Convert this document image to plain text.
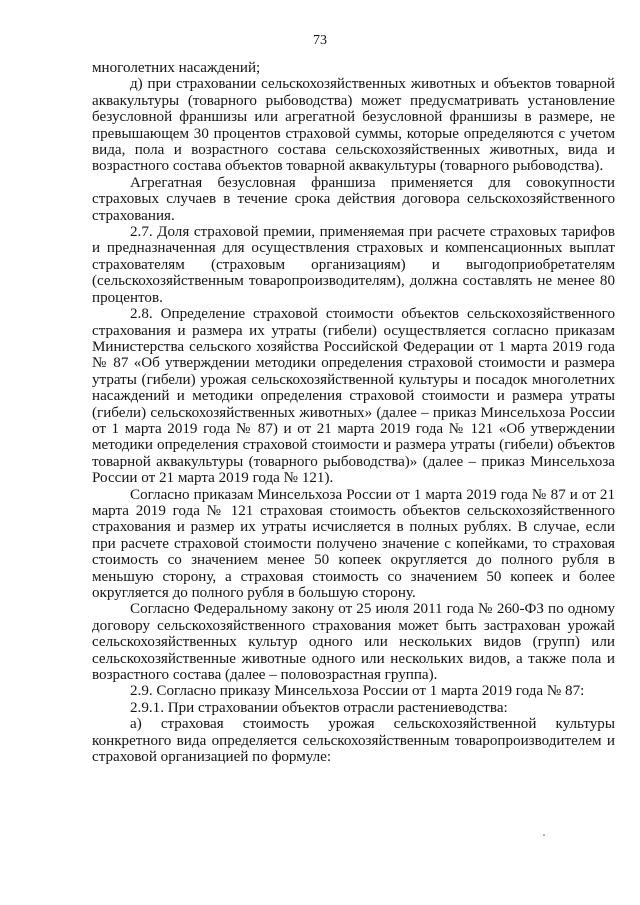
73

многолетних насаждений;

д) при страховании сельскохозяйственных животных и объектов товарной аквакультуры (товарного рыбоводства) может предусматривать установление безусловной франшизы или агрегатной безусловной франшизы в размере, не превышающем 30 процентов страховой суммы, которые определяются с учетом вида, пола и возрастного состава сельскохозяйственных животных, вида и возрастного состава объектов товарной аквакультуры (товарного рыбоводства).

Агрегатная безусловная франшиза применяется для совокупности страховых случаев в течение срока действия договора сельскохозяйственного страхования.

2.7. Доля страховой премии, применяемая при расчете страховых тарифов и предназначенная для осуществления страховых и компенсационных выплат страхователям (страховым организациям) и выгодоприобретателям (сельскохозяйственным товаропроизводителям), должна составлять не менее 80 процентов.

2.8. Определение страховой стоимости объектов сельскохозяйственного страхования и размера их утраты (гибели) осуществляется согласно приказам Министерства сельского хозяйства Российской Федерации от 1 марта 2019 года № 87 «Об утверждении методики определения страховой стоимости и размера утраты (гибели) урожая сельскохозяйственной культуры и посадок многолетних насаждений и методики определения страховой стоимости и размера утраты (гибели) сельскохозяйственных животных» (далее – приказ Минсельхоза России от 1 марта 2019 года № 87) и от 21 марта 2019 года № 121 «Об утверждении методики определения страховой стоимости и размера утраты (гибели) объектов товарной аквакультуры (товарного рыбоводства)» (далее – приказ Минсельхоза России от 21 марта 2019 года № 121).

Согласно приказам Минсельхоза России от 1 марта 2019 года № 87 и от 21 марта 2019 года № 121 страховая стоимость объектов сельскохозяйственного страхования и размер их утраты исчисляется в полных рублях. В случае, если при расчете страховой стоимости получено значение с копейками, то страховая стоимость со значением менее 50 копеек округляется до полного рубля в меньшую сторону, а страховая стоимость со значением 50 копеек и более округляется до полного рубля в большую сторону.

Согласно Федеральному закону от 25 июля 2011 года № 260-ФЗ по одному договору сельскохозяйственного страхования может быть застрахован урожай сельскохозяйственных культур одного или нескольких видов (групп) или сельскохозяйственные животные одного или нескольких видов, а также пола и возрастного состава (далее – половозрастная группа).

2.9. Согласно приказу Минсельхоза России от 1 марта 2019 года № 87:

2.9.1. При страховании объектов отрасли растениеводства:

а) страховая стоимость урожая сельскохозяйственной культуры конкретного вида определяется сельскохозяйственным товаропроизводителем и страховой организацией по формуле:
